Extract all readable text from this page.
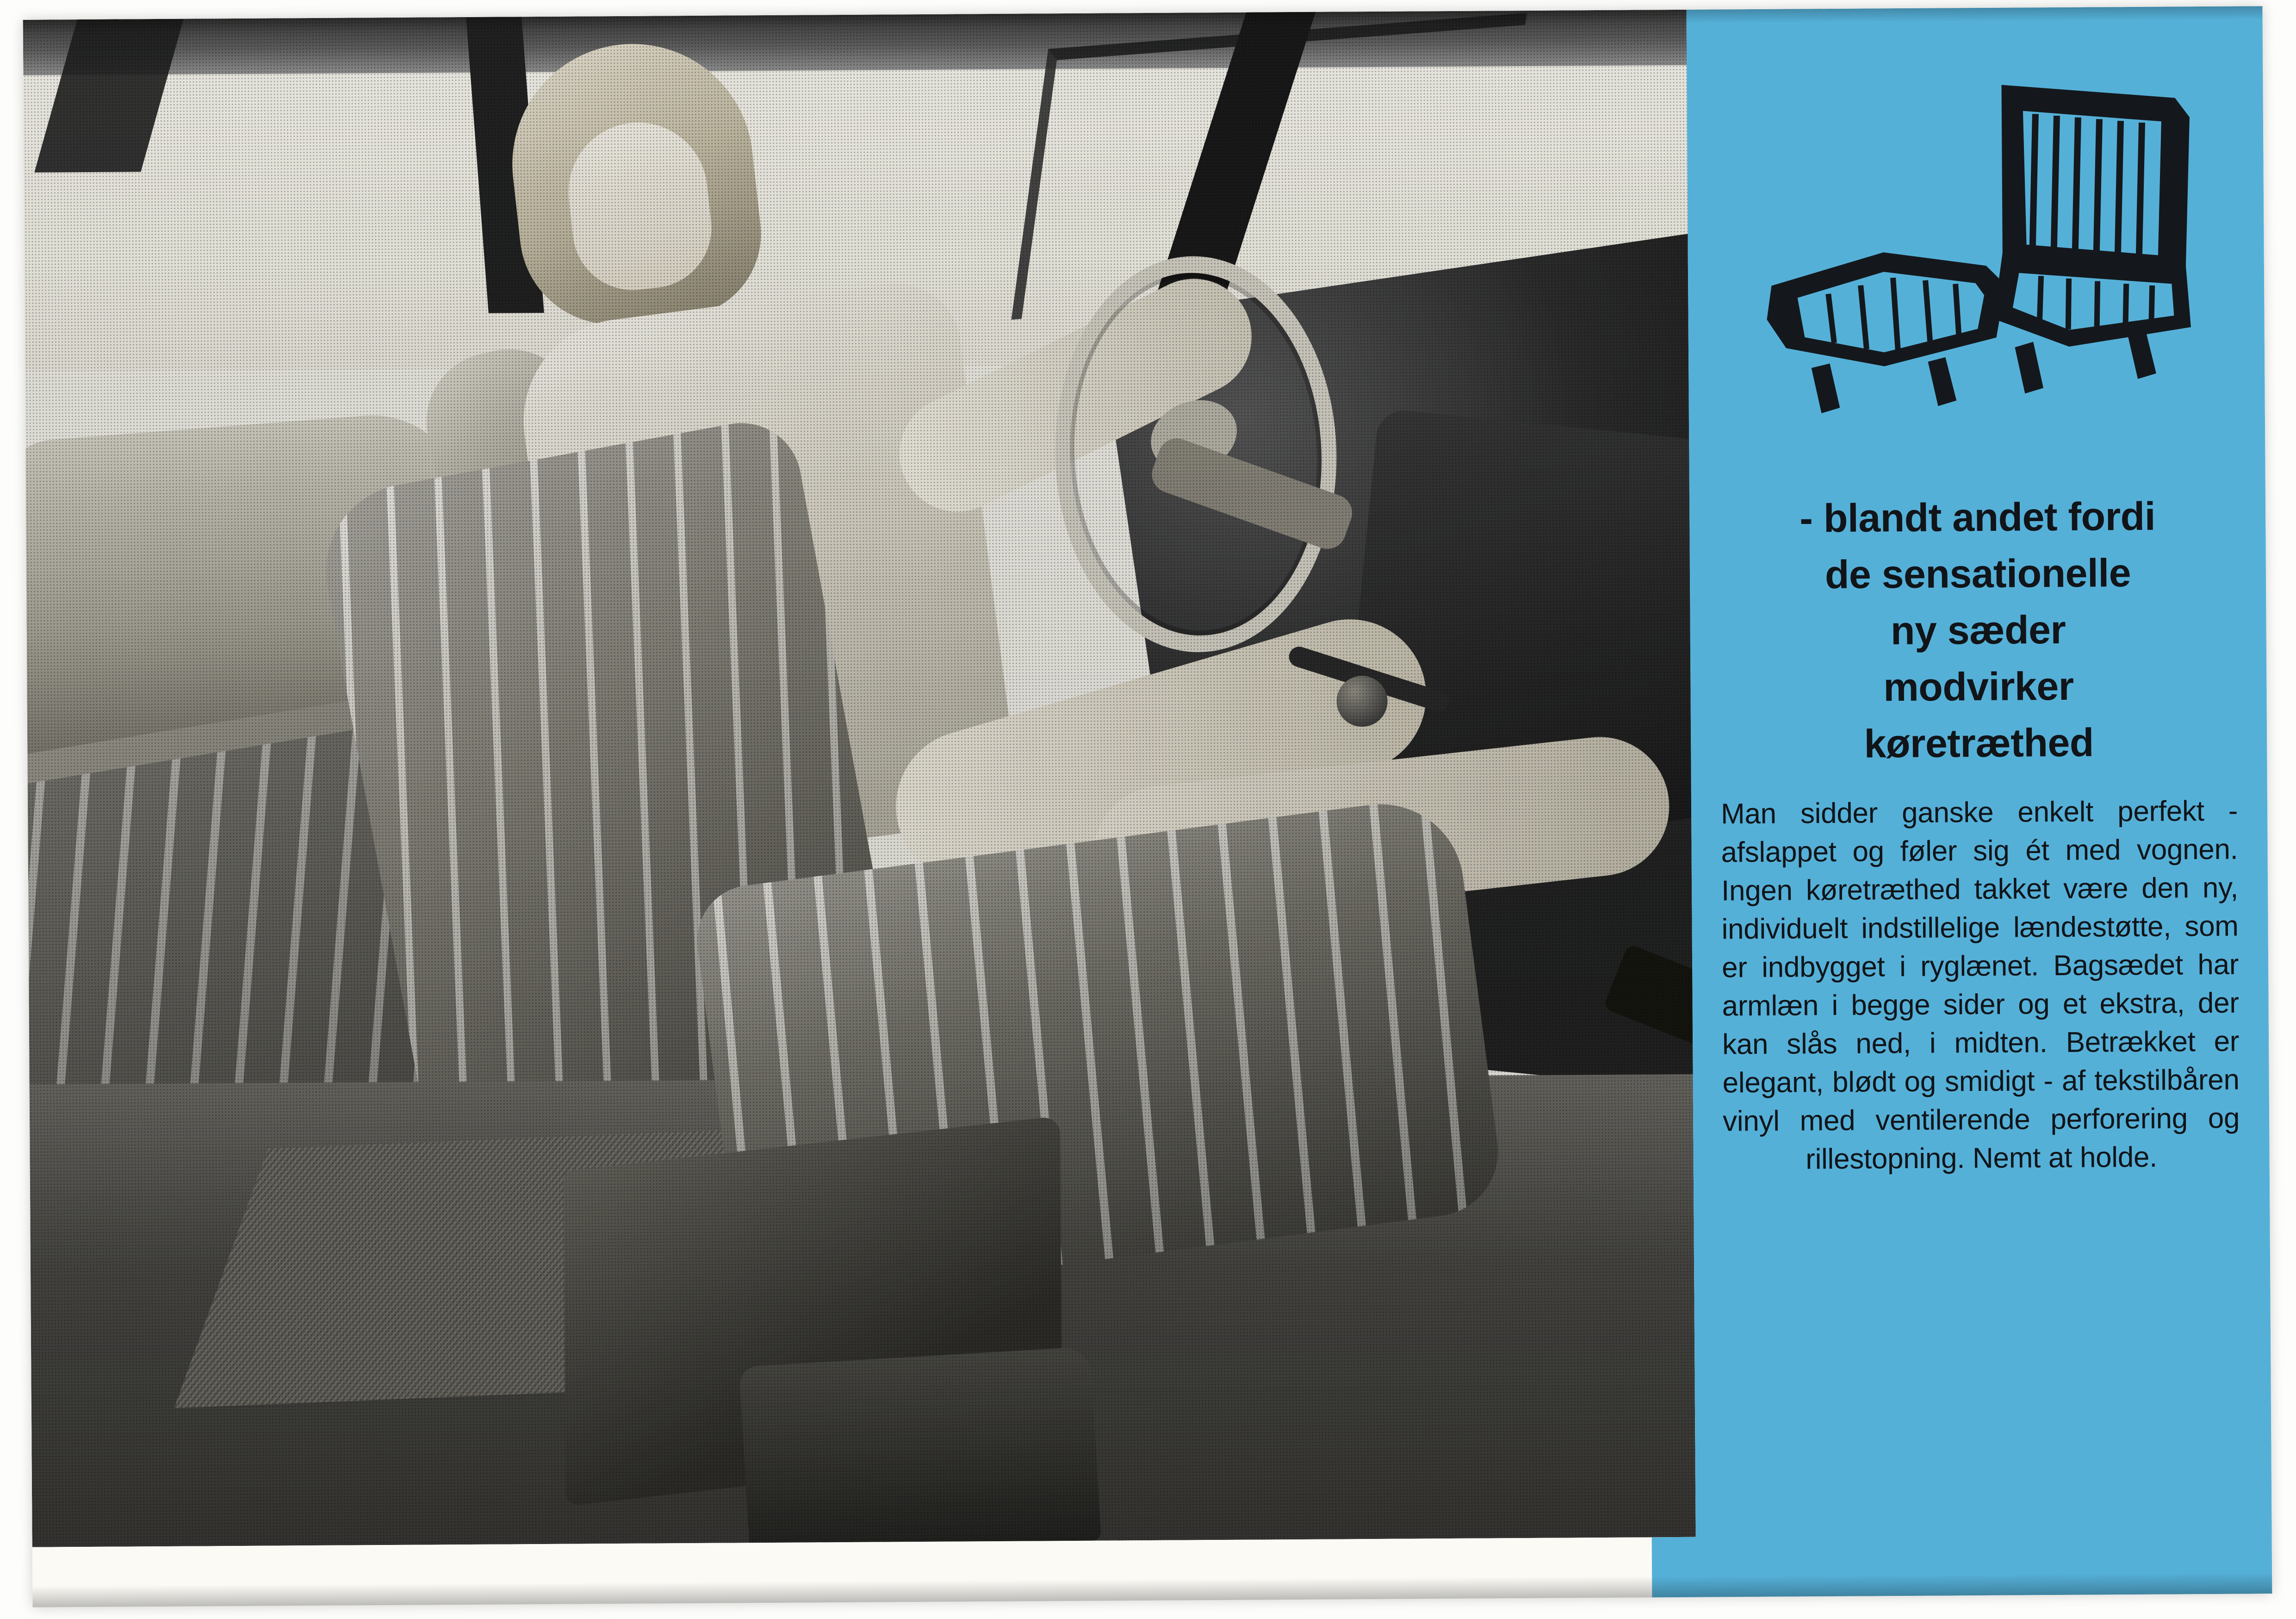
- blandt andet fordi
de sensationelle
ny sæder
modvirker
køretræthed

Man sidder ganske enkelt perfekt - afslappet og føler sig ét med vognen. Ingen køretræthed takket være den ny, individuelt indstillelige lændestøtte, som er indbygget i ryglænet. Bagsædet har armlæn i begge sider og et ekstra, der kan slås ned, i midten. Betrækket er elegant, blødt og smidigt - af tekstilbåren vinyl med ventilerende perforering og rillestopning. Nemt at holde.
